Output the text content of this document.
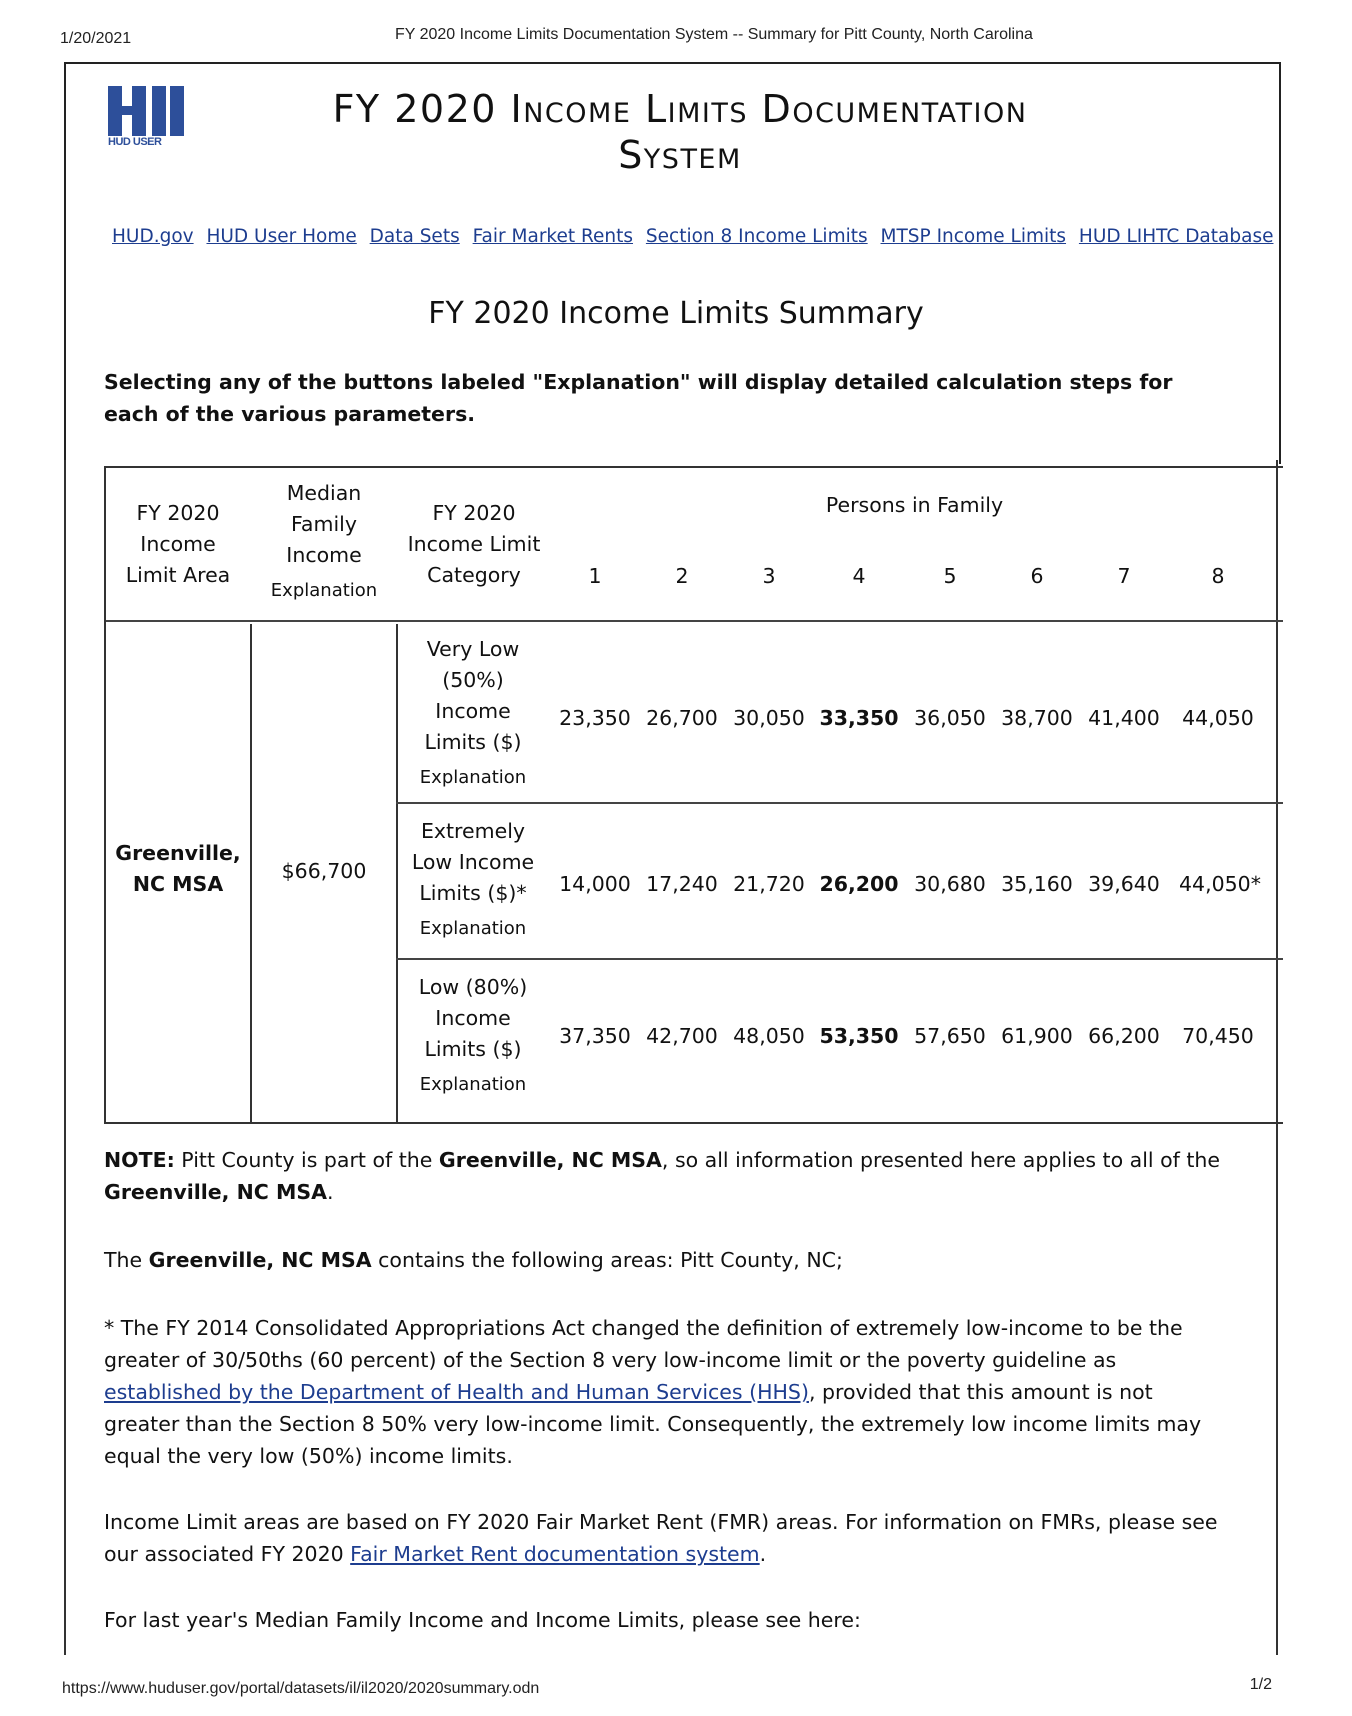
1/20/2021	FY 2020 Income Limits Documentation System -- Summary for Pitt County, North Carolina
HUD USER
FY 2020 Income Limits Documentation
System
HUD.gov HUD User Home Data Sets Fair Market Rents Section 8 Income Limits MTSP Income Limits HUD LIHTC Database
FY 2020 Income Limits Summary
Selecting any of the buttons labeled "Explanation" will display detailed calculation steps for each of the various parameters.
FY 2020
Income
Limit Area
Median
Family
Income
Explanation
FY 2020
Income Limit
Category
Persons in Family
1	2	3	4	5	6	7	8
Greenville,
NC MSA
$66,700
Very Low
(50%)
Income
Limits ($)
Explanation
23,350 26,700 30,050 33,350 36,050 38,700 41,400	44,050
Extremely
Low Income
Limits ($)*
Explanation
14,000 17,240 21,720 26,200 30,680 35,160 39,640 44,050*
Low (80%)
Income
Limits ($)
Explanation
37,350 42,700 48,050 53,350 57,650 61,900 66,200	70,450
NOTE: Pitt County is part of the Greenville, NC MSA, so all information presented here applies to all of the Greenville, NC MSA.
The Greenville, NC MSA contains the following areas: Pitt County, NC;
* The FY 2014 Consolidated Appropriations Act changed the definition of extremely low-income to be the greater of 30/50ths (60 percent) of the Section 8 very low-income limit or the poverty guideline as established by the Department of Health and Human Services (HHS), provided that this amount is not greater than the Section 8 50% very low-income limit. Consequently, the extremely low income limits may equal the very low (50%) income limits.
Income Limit areas are based on FY 2020 Fair Market Rent (FMR) areas. For information on FMRs, please see our associated FY 2020 Fair Market Rent documentation system.
For last year's Median Family Income and Income Limits, please see here:
https://www.huduser.gov/portal/datasets/il/il2020/2020summary.odn	1/2
